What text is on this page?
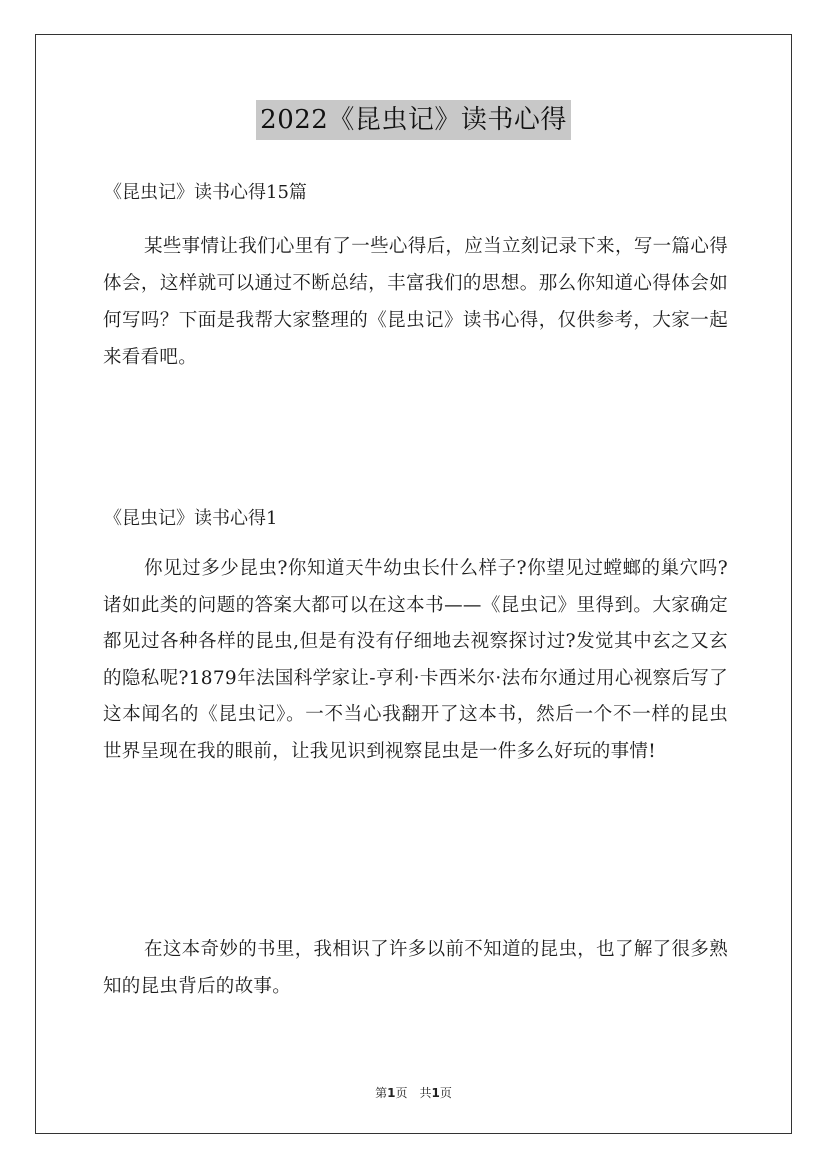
2022《昆虫记》读书心得
《昆虫记》读书心得15篇

某些事情让我们心里有了一些心得后，应当立刻记录下来，写一篇心得体会，这样就可以通过不断总结，丰富我们的思想。那么你知道心得体会如何写吗？下面是我帮大家整理的《昆虫记》读书心得，仅供参考，大家一起来看看吧。

《昆虫记》读书心得1

你见过多少昆虫?你知道天牛幼虫长什么样子?你望见过螳螂的巢穴吗?诸如此类的问题的答案大都可以在这本书——《昆虫记》里得到。大家确定都见过各种各样的昆虫,但是有没有仔细地去视察探讨过?发觉其中玄之又玄的隐私呢?1879年法国科学家让-亨利·卡西米尔·法布尔通过用心视察后写了这本闻名的《昆虫记》。一不当心我翻开了这本书，然后一个不一样的昆虫世界呈现在我的眼前，让我见识到视察昆虫是一件多么好玩的事情!

在这本奇妙的书里，我相识了许多以前不知道的昆虫，也了解了很多熟知的昆虫背后的故事。

第1页 共1页
